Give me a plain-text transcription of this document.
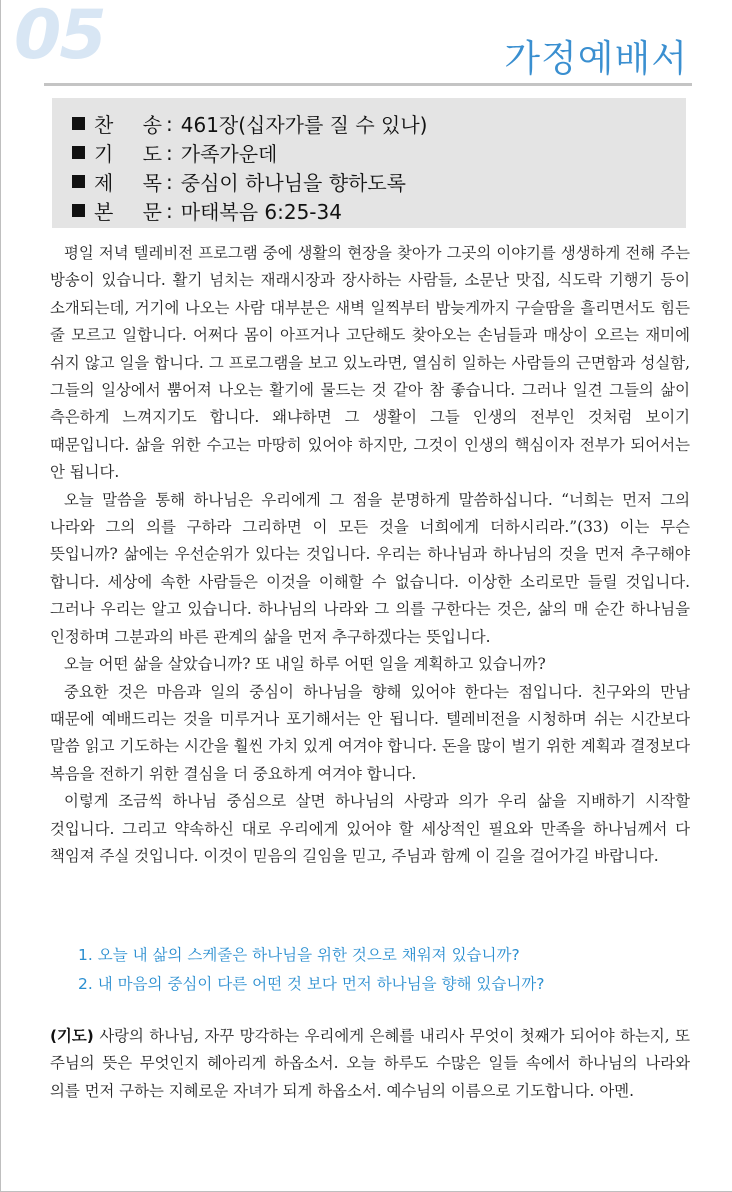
05	가정예배서
찬 송 : 461장(십자가를 질 수 있나)
기 도 : 가족가운데
제 목 : 중심이 하나님을 향하도록
본 문 : 마태복음 6:25-34

평일 저녁 텔레비전 프로그램 중에 생활의 현장을 찾아가 그곳의 이야기를 생생하게 전해 주는 방송이 있습니다. 활기 넘치는 재래시장과 장사하는 사람들, 소문난 맛집, 식도락 기행기 등이 소개되는데, 거기에 나오는 사람 대부분은 새벽 일찍부터 밤늦게까지 구슬땀을 흘리면서도 힘든 줄 모르고 일합니다. 어쩌다 몸이 아프거나 고단해도 찾아오는 손님들과 매상이 오르는 재미에 쉬지 않고 일을 합니다. 그 프로그램을 보고 있노라면, 열심히 일하는 사람들의 근면함과 성실함, 그들의 일상에서 뿜어져 나오는 활기에 물드는 것 같아 참 좋습니다. 그러나 일견 그들의 삶이 측은하게 느껴지기도 합니다. 왜냐하면 그 생활이 그들 인생의 전부인 것처럼 보이기 때문입니다. 삶을 위한 수고는 마땅히 있어야 하지만, 그것이 인생의 핵심이자 전부가 되어서는 안 됩니다.

오늘 말씀을 통해 하나님은 우리에게 그 점을 분명하게 말씀하십니다. “너희는 먼저 그의 나라와 그의 의를 구하라 그리하면 이 모든 것을 너희에게 더하시리라.”(33) 이는 무슨 뜻입니까? 삶에는 우선순위가 있다는 것입니다. 우리는 하나님과 하나님의 것을 먼저 추구해야 합니다. 세상에 속한 사람들은 이것을 이해할 수 없습니다. 이상한 소리로만 들릴 것입니다. 그러나 우리는 알고 있습니다. 하나님의 나라와 그 의를 구한다는 것은, 삶의 매 순간 하나님을 인정하며 그분과의 바른 관계의 삶을 먼저 추구하겠다는 뜻입니다.

오늘 어떤 삶을 살았습니까? 또 내일 하루 어떤 일을 계획하고 있습니까?

중요한 것은 마음과 일의 중심이 하나님을 향해 있어야 한다는 점입니다. 친구와의 만남 때문에 예배드리는 것을 미루거나 포기해서는 안 됩니다. 텔레비전을 시청하며 쉬는 시간보다 말씀 읽고 기도하는 시간을 훨씬 가치 있게 여겨야 합니다. 돈을 많이 벌기 위한 계획과 결정보다 복음을 전하기 위한 결심을 더 중요하게 여겨야 합니다.

이렇게 조금씩 하나님 중심으로 살면 하나님의 사랑과 의가 우리 삶을 지배하기 시작할 것입니다. 그리고 약속하신 대로 우리에게 있어야 할 세상적인 필요와 만족을 하나님께서 다 책임져 주실 것입니다. 이것이 믿음의 길임을 믿고, 주님과 함께 이 길을 걸어가길 바랍니다.

1. 오늘 내 삶의 스케줄은 하나님을 위한 것으로 채워져 있습니까?
2. 내 마음의 중심이 다른 어떤 것 보다 먼저 하나님을 향해 있습니까?
(기도) 사랑의 하나님, 자꾸 망각하는 우리에게 은혜를 내리사 무엇이 첫째가 되어야 하는지, 또 주님의 뜻은 무엇인지 헤아리게 하옵소서. 오늘 하루도 수많은 일들 속에서 하나님의 나라와 의를 먼저 구하는 지혜로운 자녀가 되게 하옵소서. 예수님의 이름으로 기도합니다. 아멘.
